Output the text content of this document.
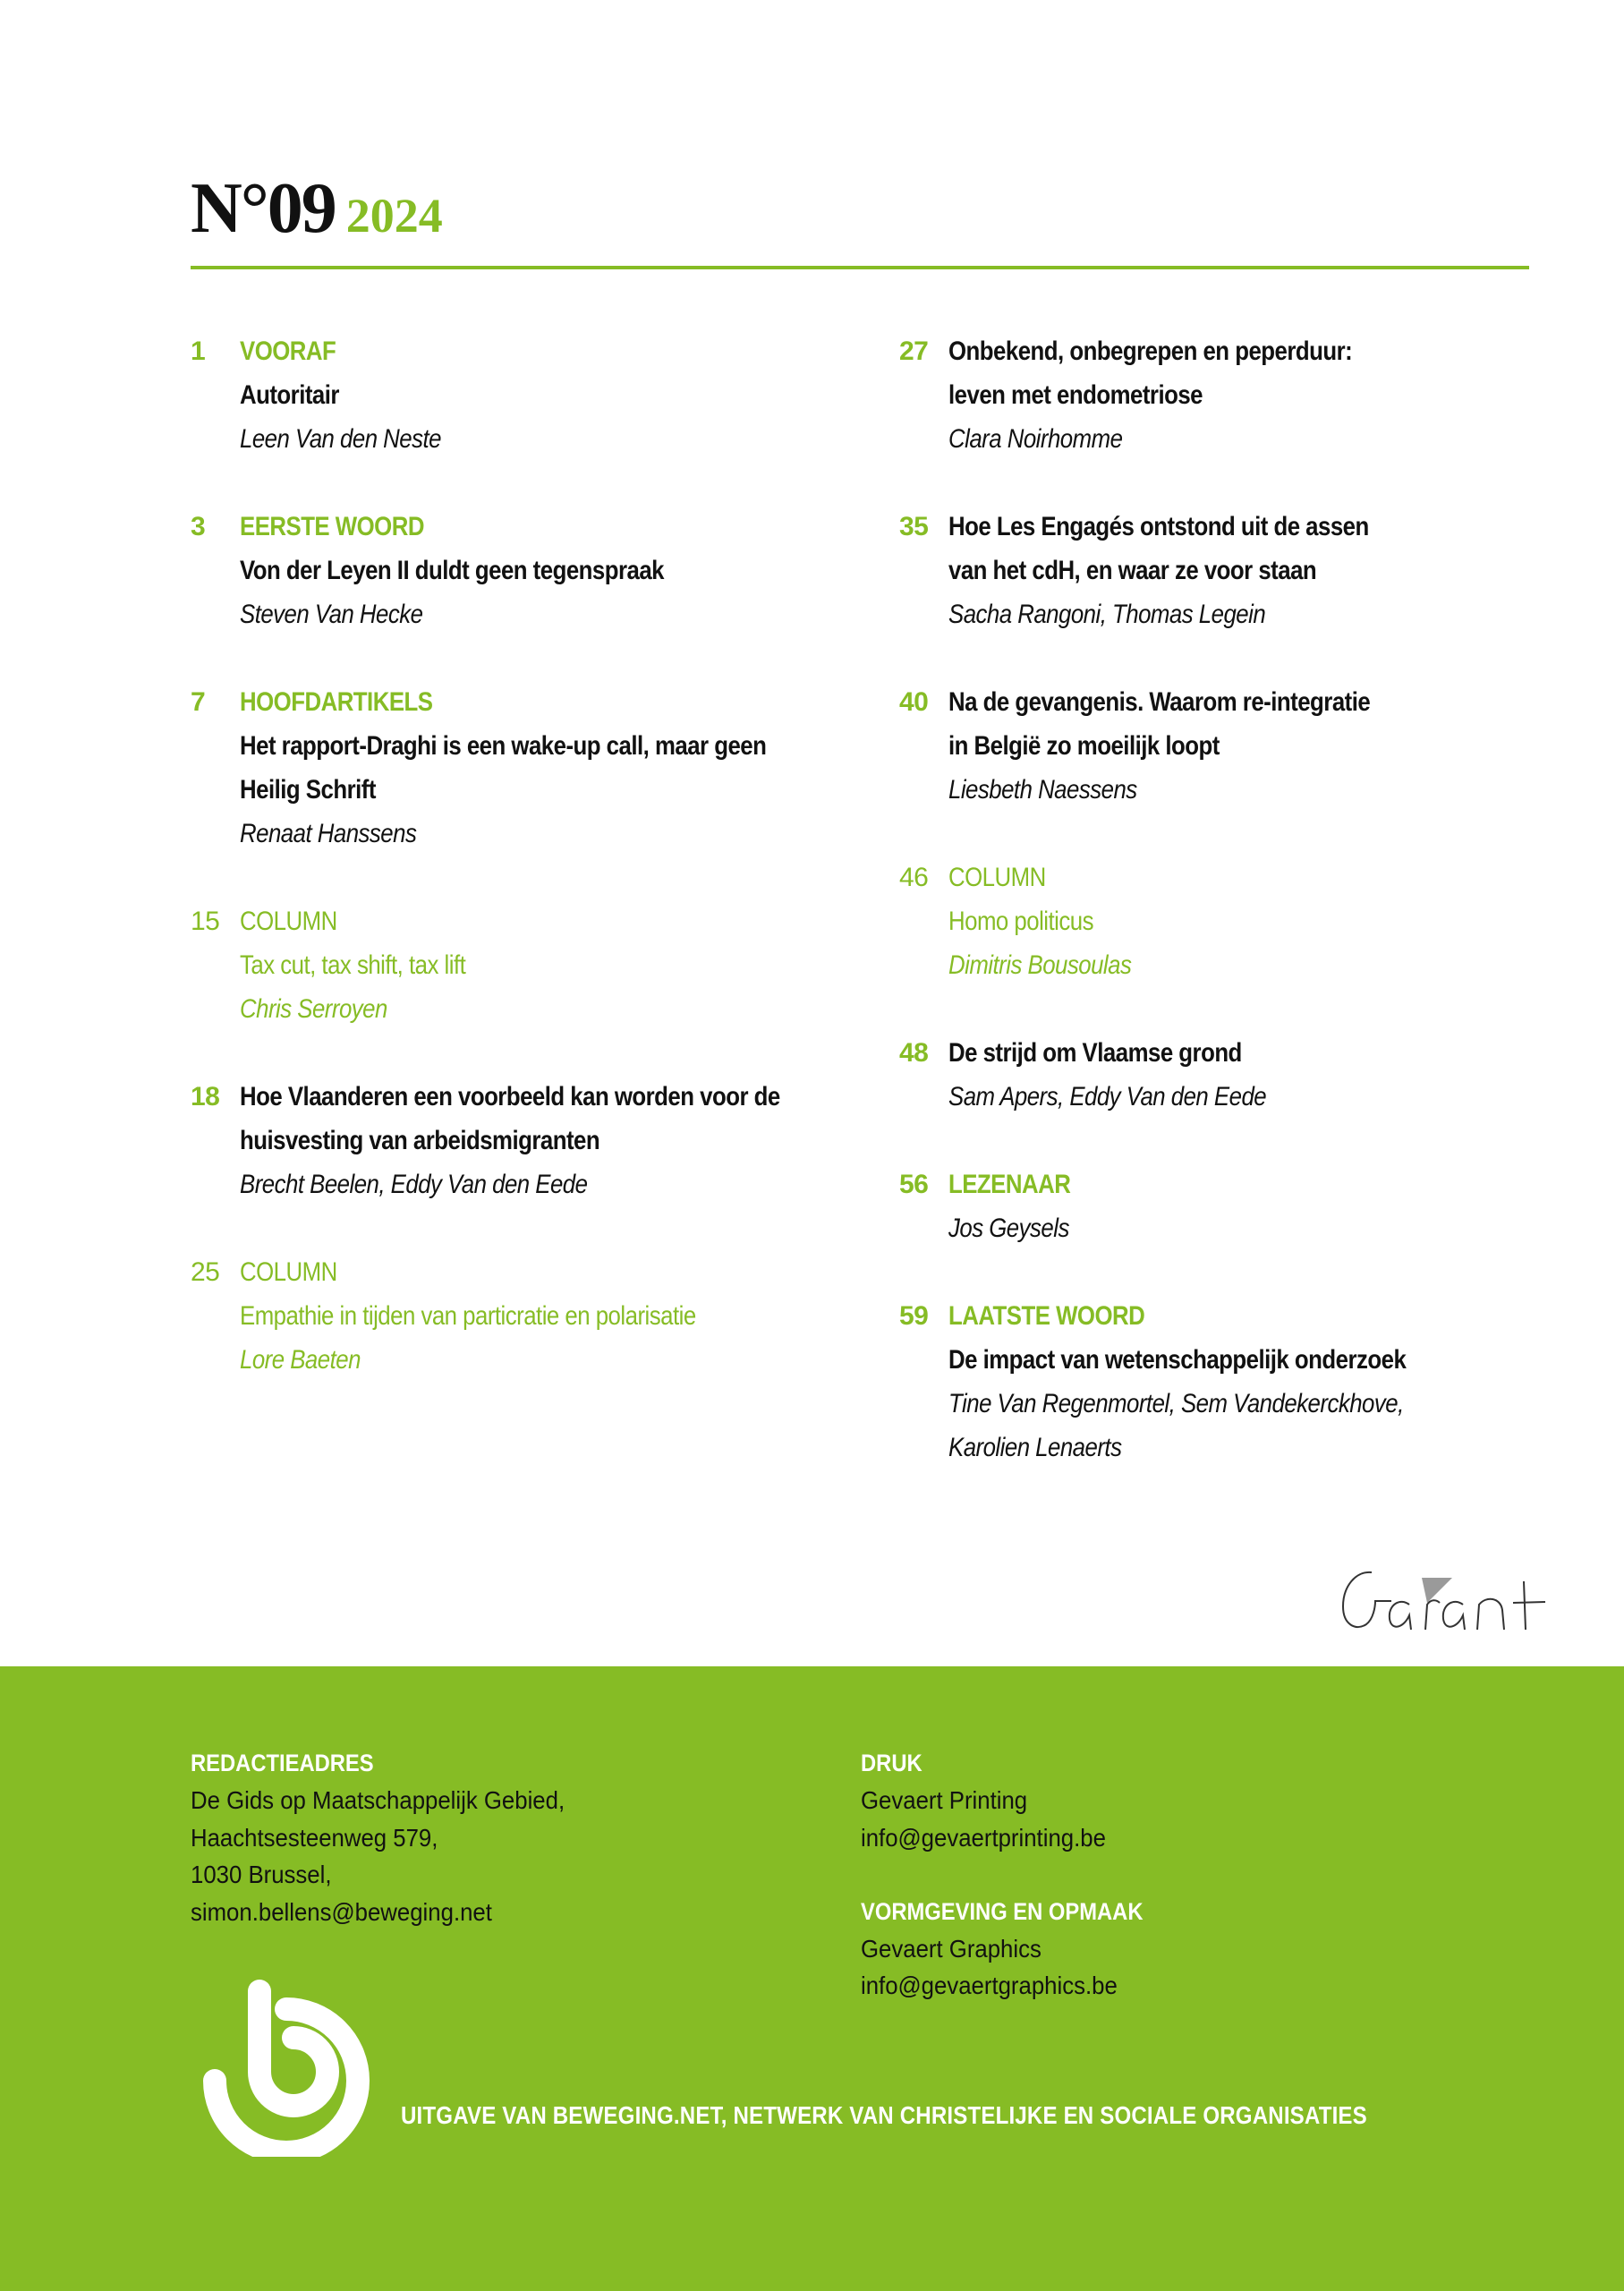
N°09 2024
1	VOORAF
Autoritair
Leen Van den Neste
3	EERSTE WOORD
Von der Leyen II duldt geen tegenspraak
Steven Van Hecke
7	HOOFDARTIKELS
Het rapport-Draghi is een wake-up call, maar geen
Heilig Schrift
Renaat Hanssens
15 COLUMN
Tax cut, tax shift, tax lift
Chris Serroyen
18 Hoe Vlaanderen een voorbeeld kan worden voor de
huisvesting van arbeidsmigranten
Brecht Beelen, Eddy Van den Eede
25 COLUMN
Empathie in tijden van particratie en polarisatie
Lore Baeten
27 Onbekend, onbegrepen en peperduur:
leven met endometriose
Clara Noirhomme
35 Hoe Les Engagés ontstond uit de assen
van het cdH, en waar ze voor staan
Sacha Rangoni, Thomas Legein
40 Na de gevangenis. Waarom re-integratie
in België zo moeilijk loopt
Liesbeth Naessens
46 COLUMN
Homo politicus
Dimitris Bousoulas
48 De strijd om Vlaamse grond
Sam Apers, Eddy Van den Eede
56 LEZENAAR
Jos Geysels
59 LAATSTE WOORD
De impact van wetenschappelijk onderzoek
Tine Van Regenmortel, Sem Vandekerckhove,
Karolien Lenaerts
REDACTIEADRES
De Gids op Maatschappelijk Gebied,
Haachtsesteenweg 579,
1030 Brussel,
simon.bellens@beweging.net
DRUK
Gevaert Printing
info@gevaertprinting.be
VORMGEVING EN OPMAAK
Gevaert Graphics
info@gevaertgraphics.be
UITGAVE VAN BEWEGING.NET, NETWERK VAN CHRISTELIJKE EN SOCIALE ORGANISATIES
